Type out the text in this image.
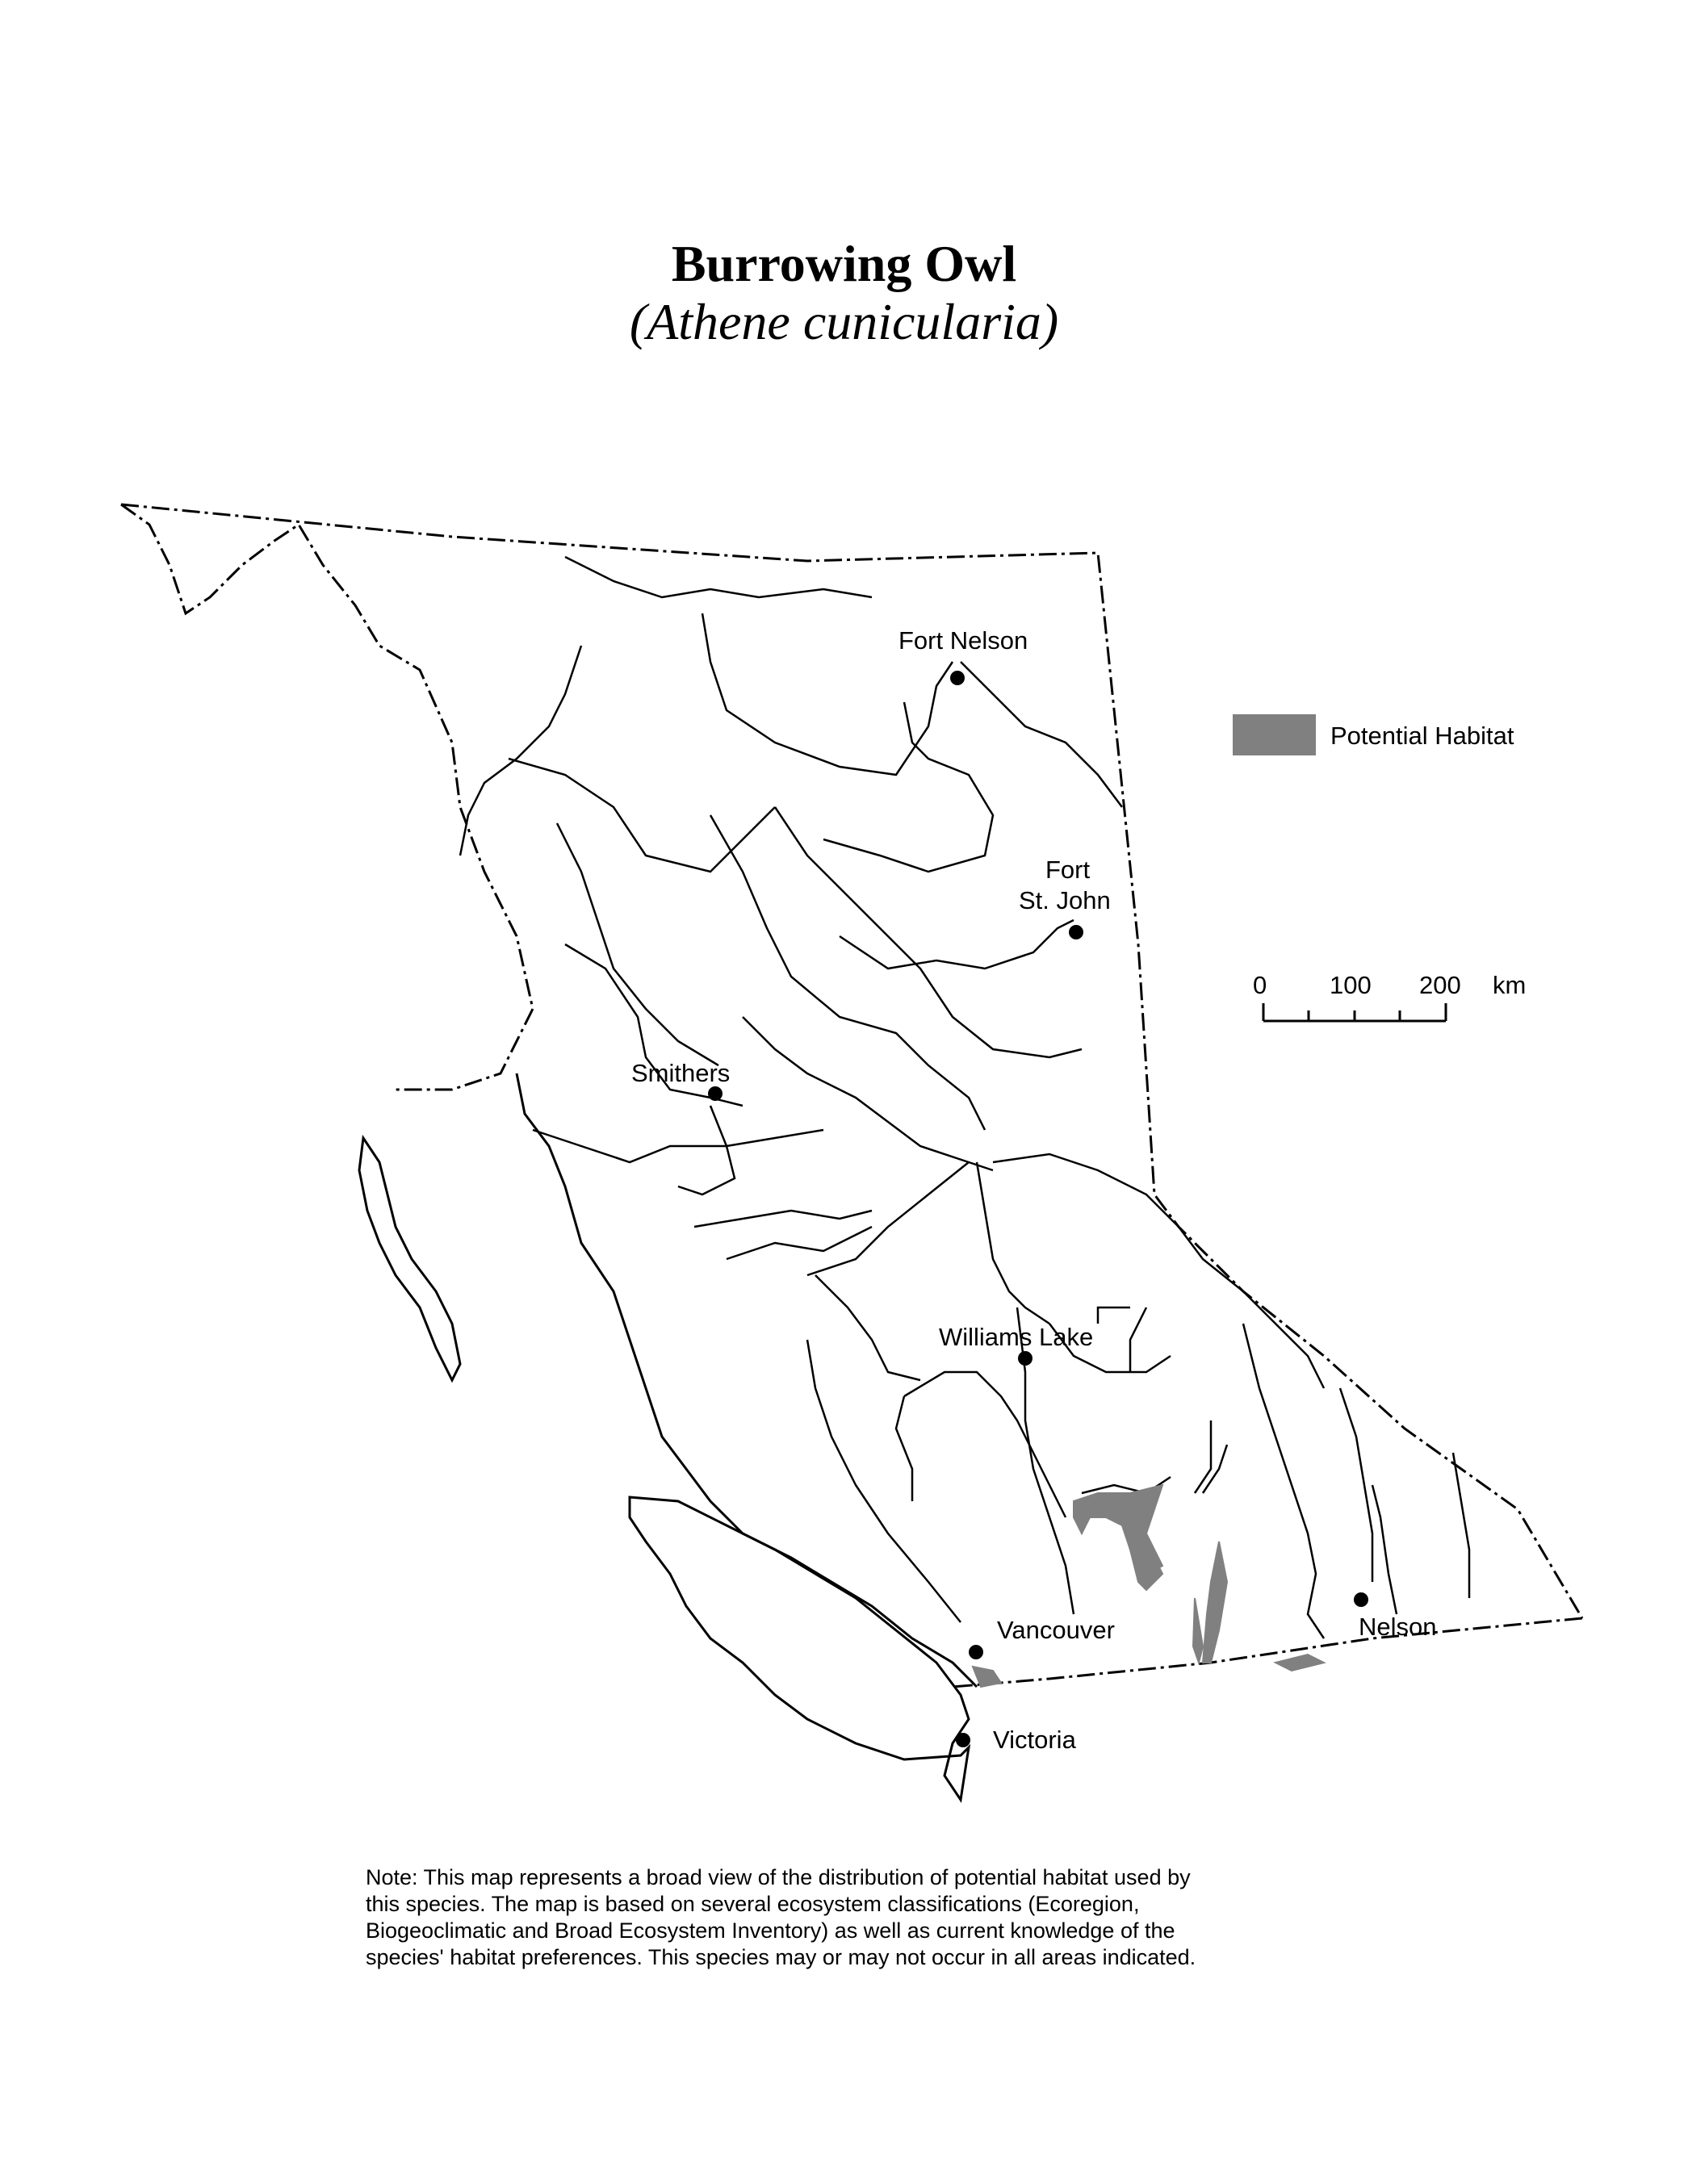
Burrowing Owl
(Athene cunicularia)
Fort Nelson
Fort
St. John
Smithers
Williams Lake
Vancouver	Nelson
Victoria
Potential Habitat
0	100 200 km
Note: This map represents a broad view of the distribution of potential habitat used by
this species. The map is based on several ecosystem classifications (Ecoregion,
Biogeoclimatic and Broad Ecosystem Inventory) as well as current knowledge of the
species' habitat preferences. This species may or may not occur in all areas indicated.
